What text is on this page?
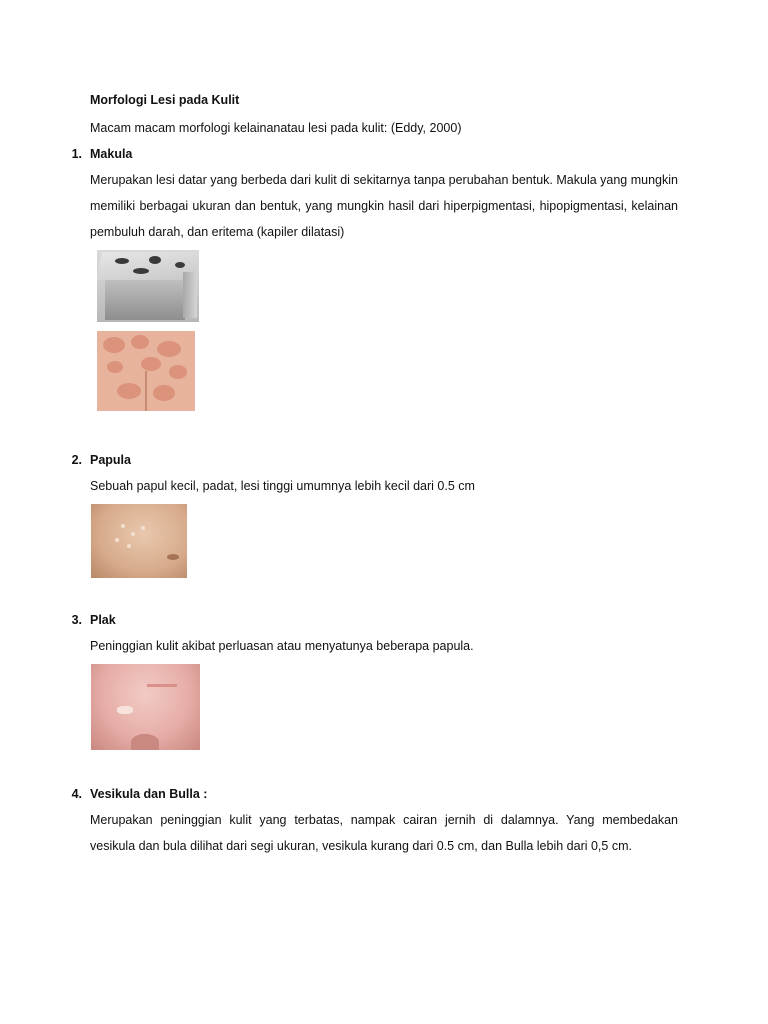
Morfologi Lesi pada Kulit
Macam macam morfologi kelainanatau lesi pada kulit: (Eddy, 2000)
1. Makula
Merupakan lesi datar yang berbeda dari kulit di sekitarnya tanpa perubahan bentuk. Makula yang mungkin memiliki berbagai ukuran dan bentuk, yang mungkin hasil dari hiperpigmentasi, hipopigmentasi, kelainan pembuluh darah, dan eritema (kapiler dilatasi)
2. Papula
Sebuah papul kecil, padat, lesi tinggi umumnya lebih kecil dari 0.5 cm
3. Plak
Peninggian kulit akibat perluasan atau menyatunya beberapa papula.
4. Vesikula dan Bulla :
Merupakan peninggian kulit yang terbatas, nampak cairan jernih di dalamnya. Yang membedakan vesikula dan bula dilihat dari segi ukuran, vesikula kurang dari 0.5 cm, dan Bulla lebih dari 0,5 cm.
